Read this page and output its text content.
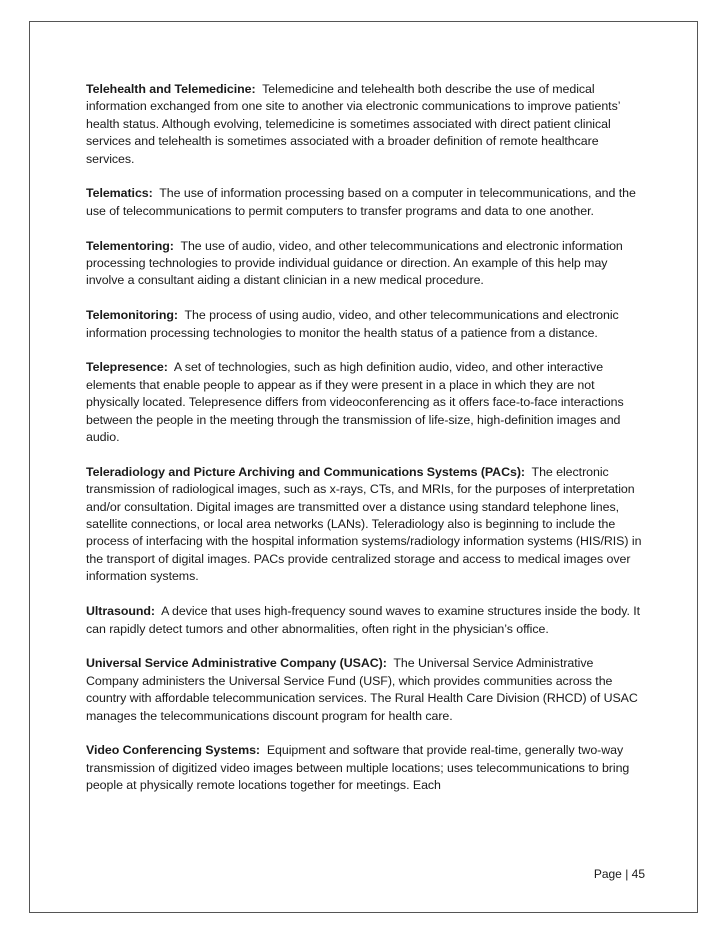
Telehealth and Telemedicine: Telemedicine and telehealth both describe the use of medical information exchanged from one site to another via electronic communications to improve patients’ health status. Although evolving, telemedicine is sometimes associated with direct patient clinical services and telehealth is sometimes associated with a broader definition of remote healthcare services.

Telematics: The use of information processing based on a computer in telecommunications, and the use of telecommunications to permit computers to transfer programs and data to one another.

Telementoring: The use of audio, video, and other telecommunications and electronic information processing technologies to provide individual guidance or direction. An example of this help may involve a consultant aiding a distant clinician in a new medical procedure.

Telemonitoring: The process of using audio, video, and other telecommunications and electronic information processing technologies to monitor the health status of a patience from a distance.

Telepresence: A set of technologies, such as high definition audio, video, and other interactive elements that enable people to appear as if they were present in a place in which they are not physically located. Telepresence differs from videoconferencing as it offers face-to-face interactions between the people in the meeting through the transmission of life-size, high-definition images and audio.

Teleradiology and Picture Archiving and Communications Systems (PACs): The electronic transmission of radiological images, such as x-rays, CTs, and MRIs, for the purposes of interpretation and/or consultation. Digital images are transmitted over a distance using standard telephone lines, satellite connections, or local area networks (LANs). Teleradiology also is beginning to include the process of interfacing with the hospital information systems/radiology information systems (HIS/RIS) in the transport of digital images. PACs provide centralized storage and access to medical images over information systems.

Ultrasound: A device that uses high-frequency sound waves to examine structures inside the body. It can rapidly detect tumors and other abnormalities, often right in the physician’s office.

Universal Service Administrative Company (USAC): The Universal Service Administrative Company administers the Universal Service Fund (USF), which provides communities across the country with affordable telecommunication services. The Rural Health Care Division (RHCD) of USAC manages the telecommunications discount program for health care.

Video Conferencing Systems: Equipment and software that provide real-time, generally two-way transmission of digitized video images between multiple locations; uses telecommunications to bring people at physically remote locations together for meetings. Each

Page | 45
